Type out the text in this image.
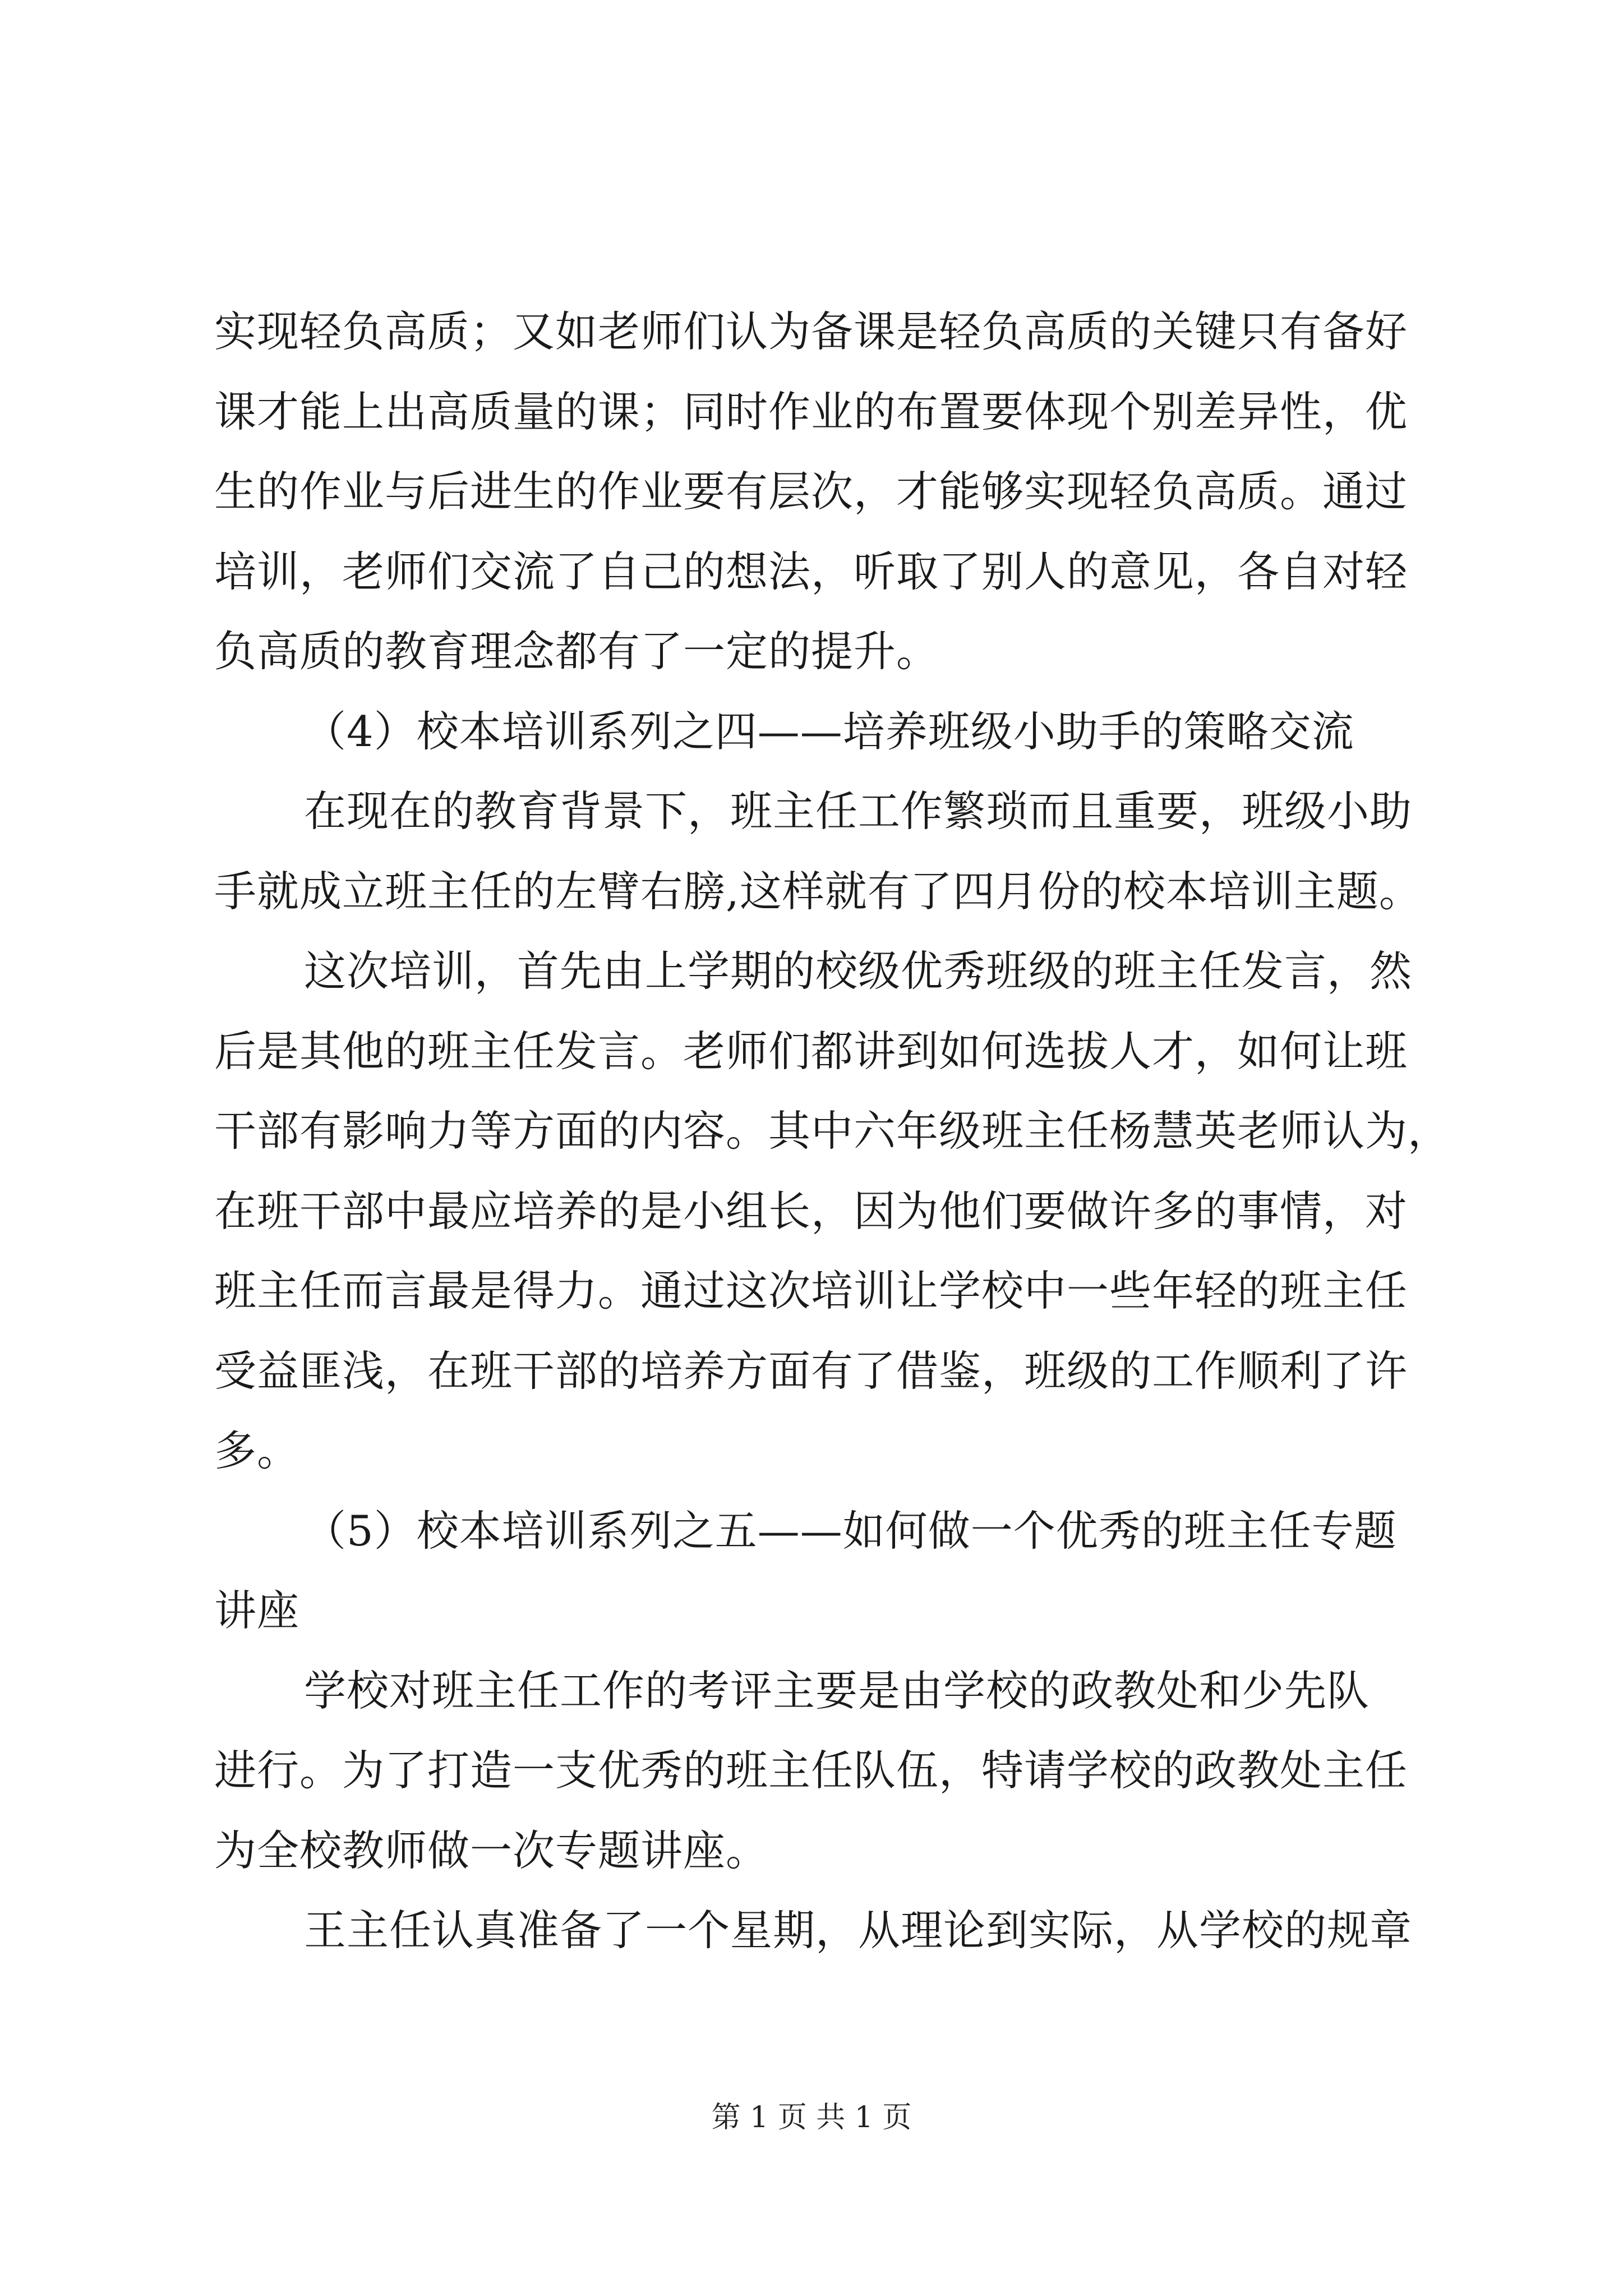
实现轻负高质；又如老师们认为备课是轻负高质的关键只有备好
课才能上出高质量的课；同时作业的布置要体现个别差异性，优
生的作业与后进生的作业要有层次，才能够实现轻负高质。通过
培训，老师们交流了自己的想法，听取了别人的意见，各自对轻
负高质的教育理念都有了一定的提升。
（4）校本培训系列之四——培养班级小助手的策略交流
在现在的教育背景下，班主任工作繁琐而且重要，班级小助
手就成立班主任的左臂右膀,这样就有了四月份的校本培训主题。
这次培训，首先由上学期的校级优秀班级的班主任发言，然
后是其他的班主任发言。老师们都讲到如何选拔人才，如何让班
干部有影响力等方面的内容。其中六年级班主任杨慧英老师认为，
在班干部中最应培养的是小组长，因为他们要做许多的事情，对
班主任而言最是得力。通过这次培训让学校中一些年轻的班主任
受益匪浅，在班干部的培养方面有了借鉴，班级的工作顺利了许
多。
（5）校本培训系列之五——如何做一个优秀的班主任专题
讲座
学校对班主任工作的考评主要是由学校的政教处和少先队
进行。为了打造一支优秀的班主任队伍，特请学校的政教处主任
为全校教师做一次专题讲座。
王主任认真准备了一个星期，从理论到实际，从学校的规章
第 1 页 共 1 页
